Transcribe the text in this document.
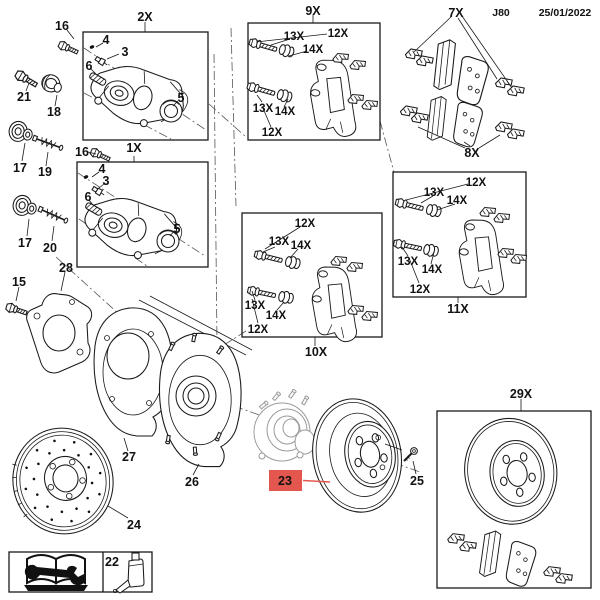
J80	25/01/2022
16
2X	9X	7X
21
18
17 19
16	1X
4
3
6
5
4
3
6
5
13X 12X
14X
13X 14X
12X
12X
13X 14X
13X
14X
12X
10X
12X
13X
14X
13X
14X
12X
11X
8X
17 20
28
15
27
26
24
25
29X
23
22
